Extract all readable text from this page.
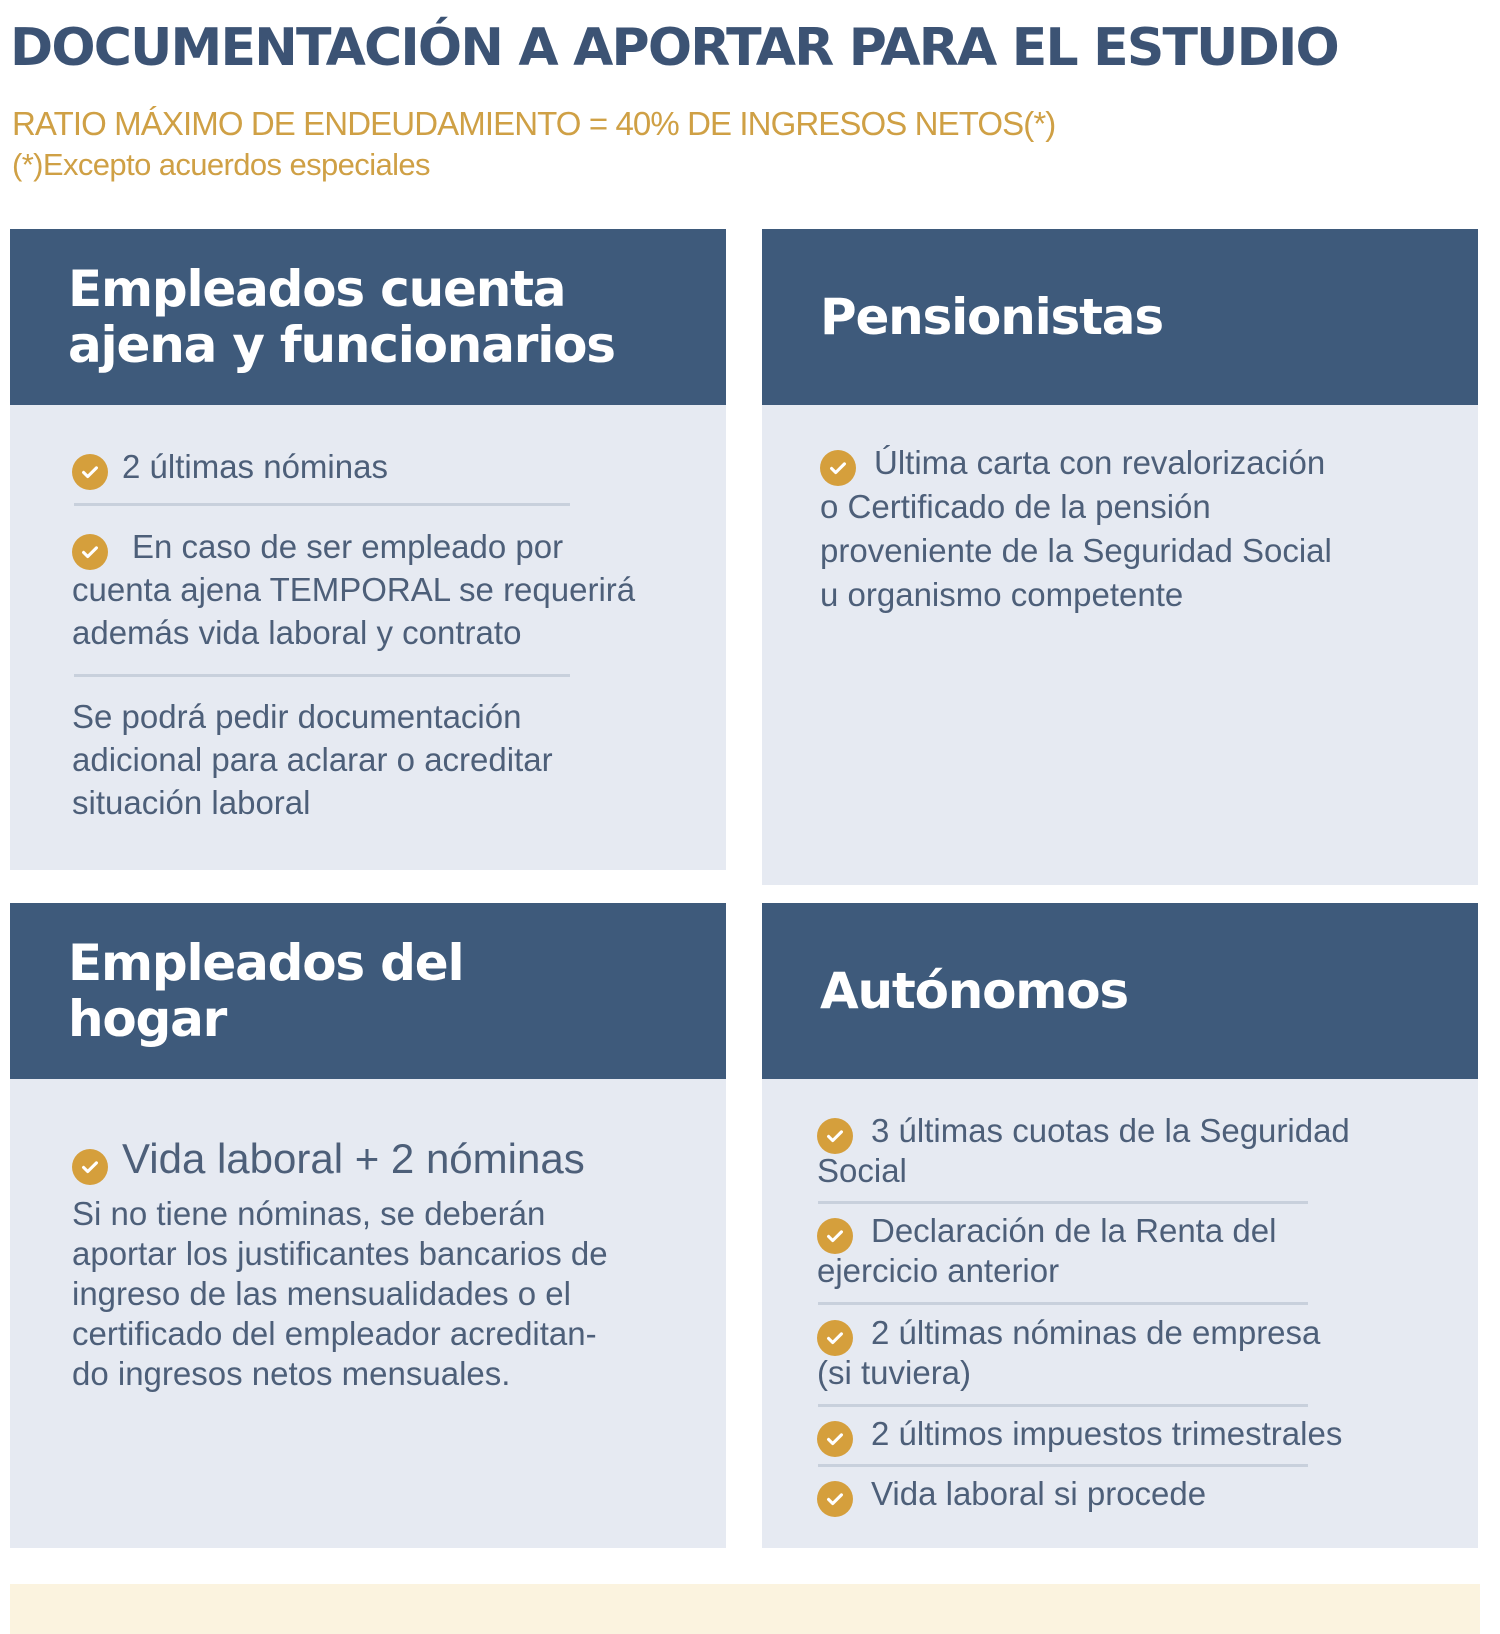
DOCUMENTACIÓN A APORTAR PARA EL ESTUDIO
RATIO MÁXIMO DE ENDEUDAMIENTO = 40% DE INGRESOS NETOS(*)
(*)Excepto acuerdos especiales
Empleados cuenta
ajena y funcionarios
2 últimas nóminas
En caso de ser empleado por
cuenta ajena TEMPORAL se requerirá
además vida laboral y contrato
Se podrá pedir documentación
adicional para aclarar o acreditar
situación laboral
Pensionistas
Última carta con revalorización
o Certificado de la pensión
proveniente de la Seguridad Social
u organismo competente
Empleados del
hogar
Vida laboral + 2 nóminas
Si no tiene nóminas, se deberán
aportar los justificantes bancarios de
ingreso de las mensualidades o el
certificado del empleador acreditan-
do ingresos netos mensuales.
Autónomos
3 últimas cuotas de la Seguridad
Social
Declaración de la Renta del
ejercicio anterior
2 últimas nóminas de empresa
(si tuviera)
2 últimos impuestos trimestrales
Vida laboral si procede
